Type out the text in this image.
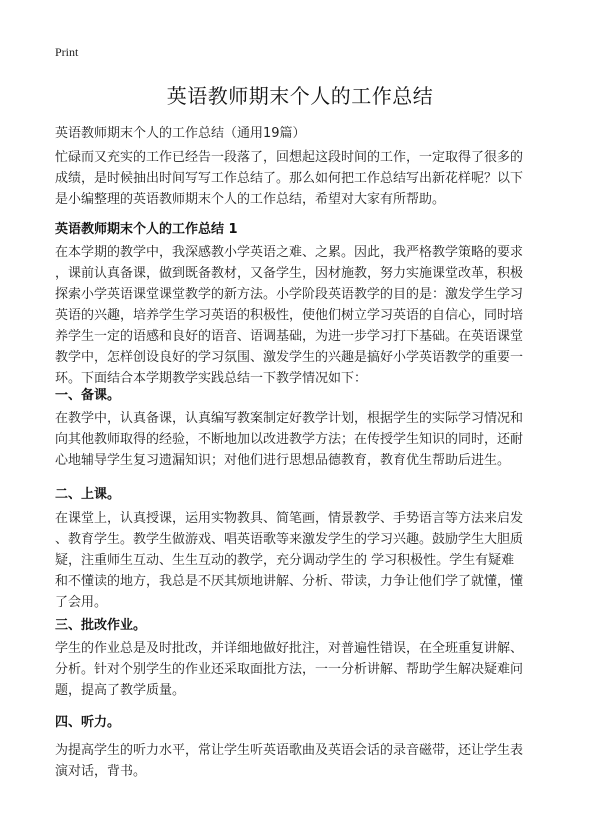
Print
英语教师期末个人的工作总结
英语教师期末个人的工作总结（通用19篇）
忙碌而又充实的工作已经告一段落了，回想起这段时间的工作，一定取得了很多的
成绩，是时候抽出时间写写工作总结了。那么如何把工作总结写出新花样呢？以下
是小编整理的英语教师期末个人的工作总结，希望对大家有所帮助。
英语教师期末个人的工作总结 1
在本学期的教学中，我深感教小学英语之难、之累。因此，我严格教学策略的要求
，课前认真备课，做到既备教材，又备学生，因材施教，努力实施课堂改革，积极
探索小学英语课堂课堂教学的新方法。小学阶段英语教学的目的是：激发学生学习
英语的兴趣，培养学生学习英语的积极性，使他们树立学习英语的自信心，同时培
养学生一定的语感和良好的语音、语调基础，为进一步学习打下基础。在英语课堂
教学中，怎样创设良好的学习氛围、激发学生的兴趣是搞好小学英语教学的重要一
环。下面结合本学期教学实践总结一下教学情况如下：
一、备课。
在教学中，认真备课，认真编写教案制定好教学计划，根据学生的实际学习情况和
向其他教师取得的经验，不断地加以改进教学方法；在传授学生知识的同时，还耐
心地辅导学生复习遗漏知识；对他们进行思想品德教育，教育优生帮助后进生。
二、上课。
在课堂上，认真授课，运用实物教具、简笔画，情景教学、手势语言等方法来启发
、教育学生。教学生做游戏、唱英语歌等来激发学生的学习兴趣。鼓励学生大胆质
疑，注重师生互动、生生互动的教学，充分调动学生的 学习积极性。学生有疑难
和不懂读的地方，我总是不厌其烦地讲解、分析、带读，力争让他们学了就懂，懂
了会用。
三、批改作业。
学生的作业总是及时批改，并详细地做好批注，对普遍性错误，在全班重复讲解、
分析。针对个别学生的作业还采取面批方法，一一分析讲解、帮助学生解决疑难问
题，提高了教学质量。
四、听力。
为提高学生的听力水平，常让学生听英语歌曲及英语会话的录音磁带，还让学生表
演对话，背书。
